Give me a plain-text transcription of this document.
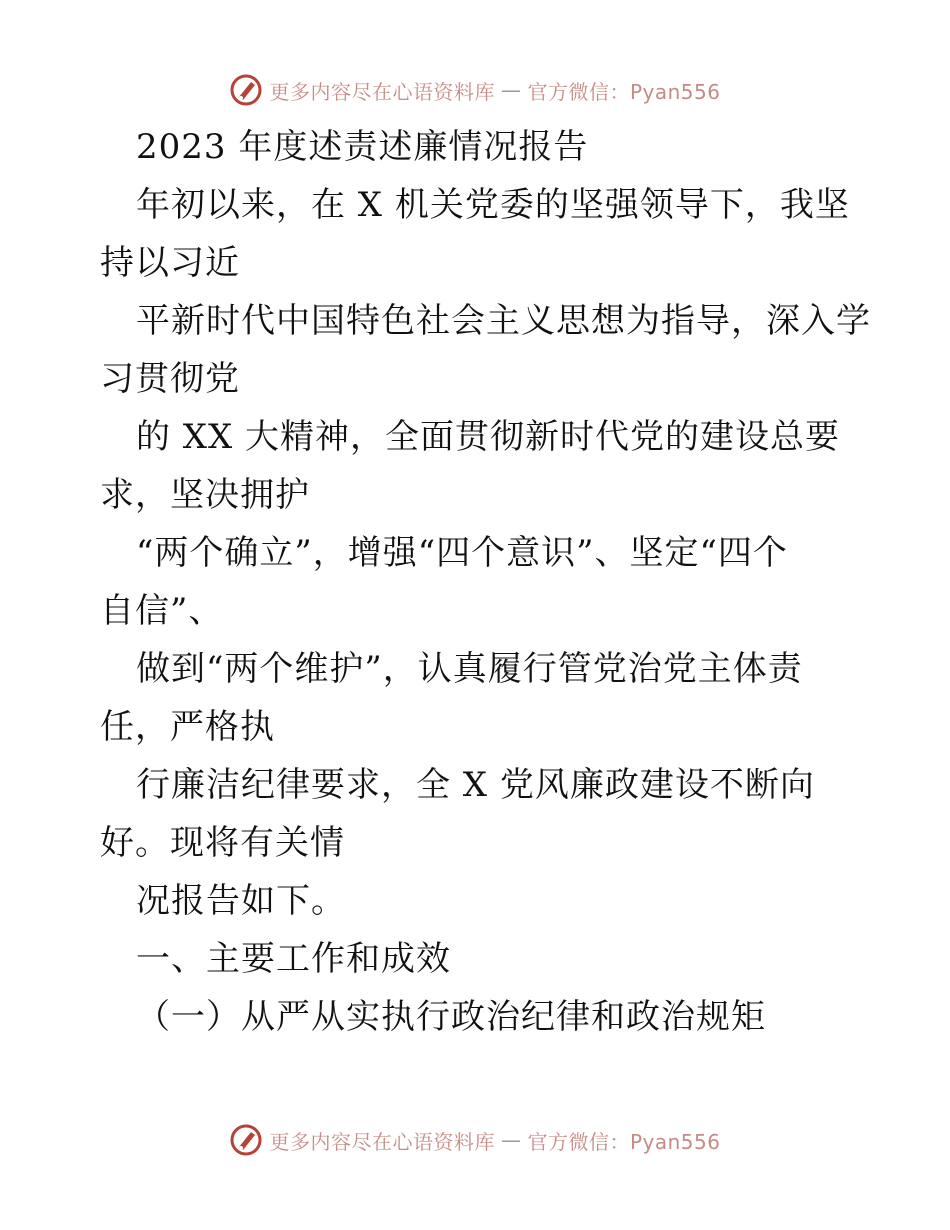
更多内容尽在心语资料库 — 官方微信：Pyan556
2023 年度述责述廉情况报告
年初以来，在 X 机关党委的坚强领导下，我坚
持以习近
平新时代中国特色社会主义思想为指导，深入学
习贯彻党
的 XX 大精神，全面贯彻新时代党的建设总要
求，坚决拥护
“两个确立”，增强“四个意识”、坚定“四个
自信”、
做到“两个维护”，认真履行管党治党主体责
任，严格执
行廉洁纪律要求，全 X 党风廉政建设不断向
好。现将有关情
况报告如下。
一、主要工作和成效
（一）从严从实执行政治纪律和政治规矩
更多内容尽在心语资料库 — 官方微信：Pyan556
